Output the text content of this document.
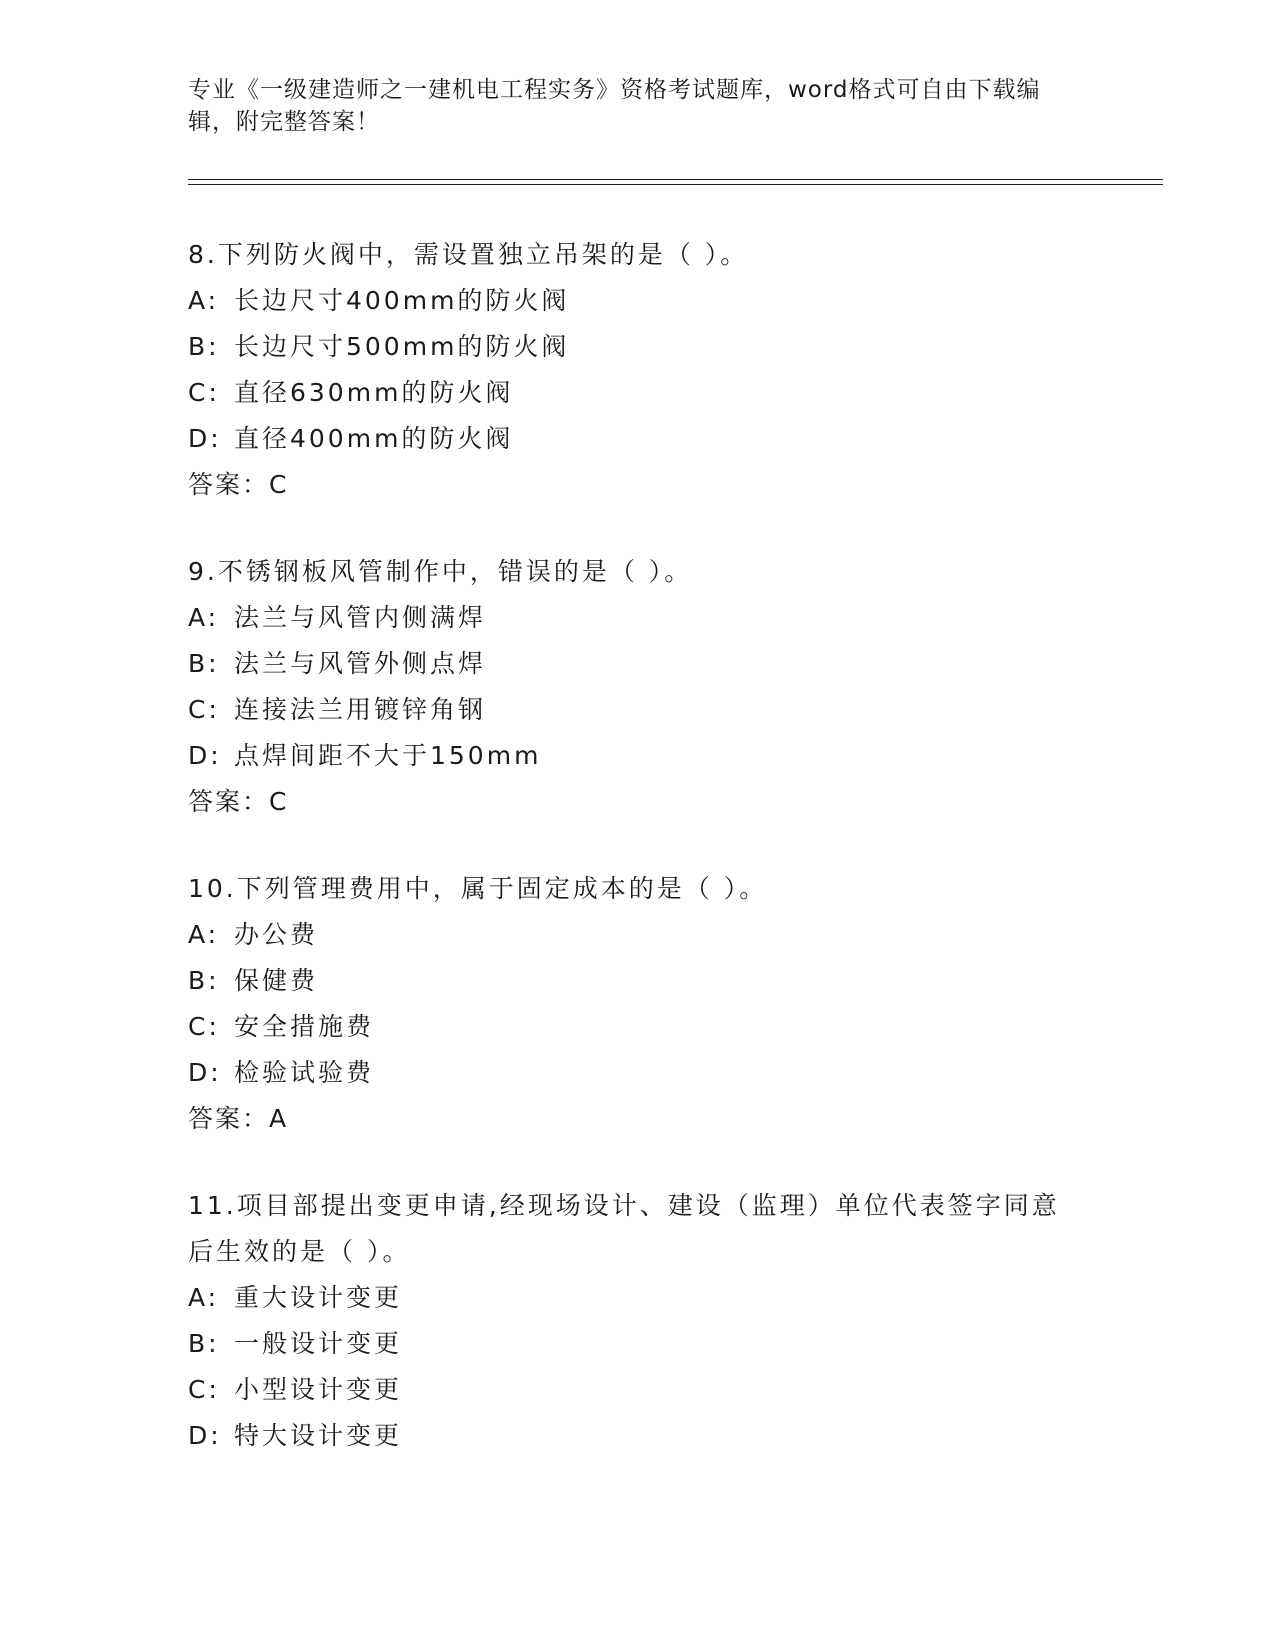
专业《一级建造师之一建机电工程实务》资格考试题库，word格式可自由下载编辑，附完整答案！
8.下列防火阀中，需设置独立吊架的是（ ）。
A: 长边尺寸400mm的防火阀
B: 长边尺寸500mm的防火阀
C: 直径630mm的防火阀
D: 直径400mm的防火阀
答案：C
9.不锈钢板风管制作中，错误的是（ ）。
A: 法兰与风管内侧满焊
B: 法兰与风管外侧点焊
C: 连接法兰用镀锌角钢
D: 点焊间距不大于150mm
答案：C
10.下列管理费用中，属于固定成本的是（ ）。
A: 办公费
B: 保健费
C: 安全措施费
D: 检验试验费
答案：A
11.项目部提出变更申请,经现场设计、建设（监理）单位代表签字同意后生效的是（ ）。
A: 重大设计变更
B: 一般设计变更
C: 小型设计变更
D: 特大设计变更
